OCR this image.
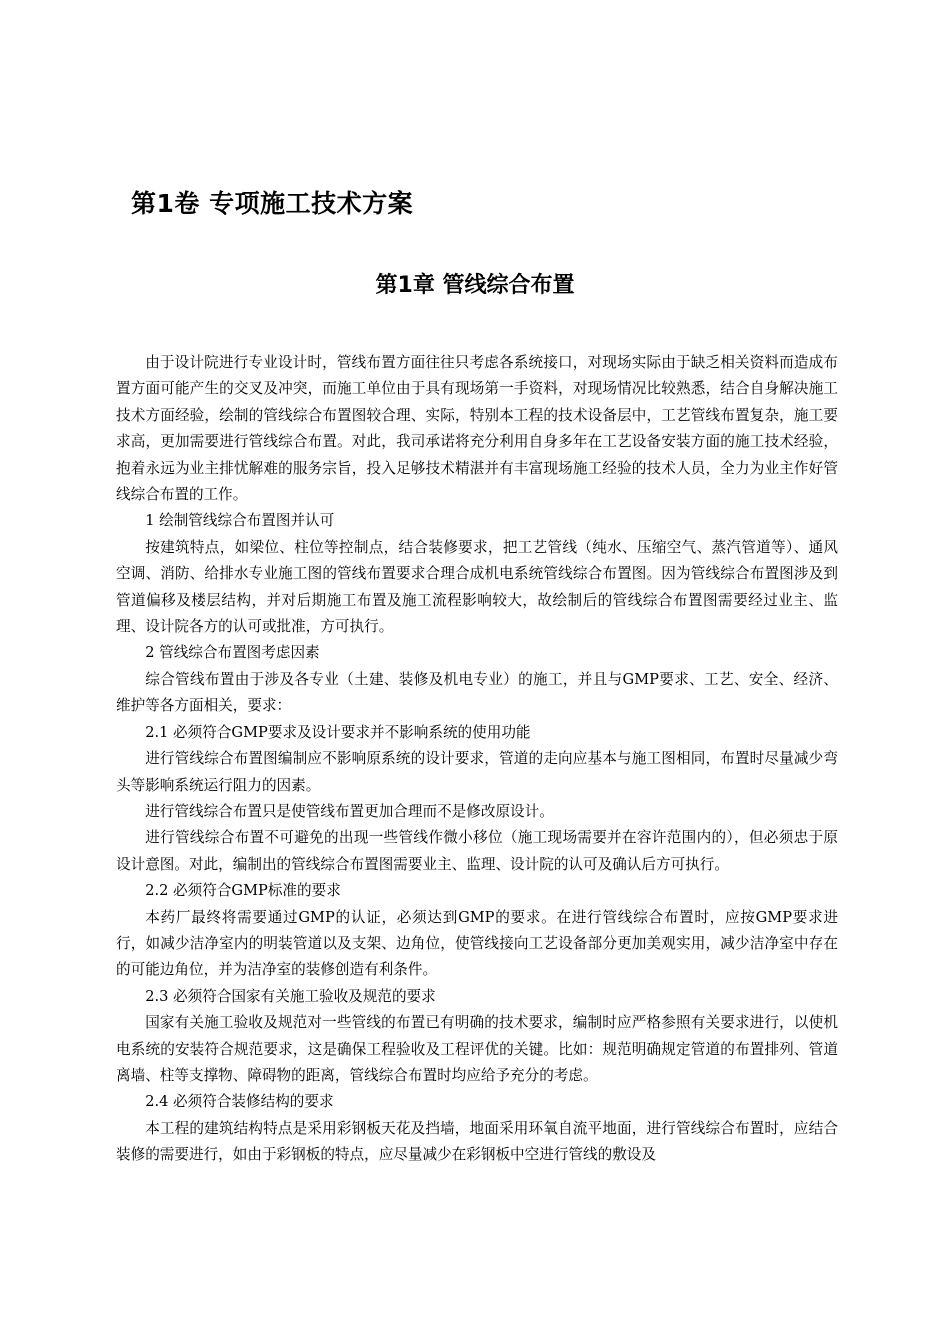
第1卷 专项施工技术方案
第1章 管线综合布置

由于设计院进行专业设计时，管线布置方面往往只考虑各系统接口，对现场实际由于缺乏相关资料而造成布置方面可能产生的交叉及冲突，而施工单位由于具有现场第一手资料，对现场情况比较熟悉，结合自身解决施工技术方面经验，绘制的管线综合布置图较合理、实际，特别本工程的技术设备层中，工艺管线布置复杂，施工要求高，更加需要进行管线综合布置。对此，我司承诺将充分利用自身多年在工艺设备安装方面的施工技术经验，抱着永远为业主排忧解难的服务宗旨，投入足够技术精湛并有丰富现场施工经验的技术人员，全力为业主作好管线综合布置的工作。

1 绘制管线综合布置图并认可

按建筑特点，如梁位、柱位等控制点，结合装修要求，把工艺管线（纯水、压缩空气、蒸汽管道等）、通风空调、消防、给排水专业施工图的管线布置要求合理合成机电系统管线综合布置图。因为管线综合布置图涉及到管道偏移及楼层结构，并对后期施工布置及施工流程影响较大，故绘制后的管线综合布置图需要经过业主、监理、设计院各方的认可或批准，方可执行。

2 管线综合布置图考虑因素

综合管线布置由于涉及各专业（土建、装修及机电专业）的施工，并且与GMP要求、工艺、安全、经济、维护等各方面相关，要求：

2.1 必须符合GMP要求及设计要求并不影响系统的使用功能

进行管线综合布置图编制应不影响原系统的设计要求，管道的走向应基本与施工图相同，布置时尽量减少弯头等影响系统运行阻力的因素。

进行管线综合布置只是使管线布置更加合理而不是修改原设计。

进行管线综合布置不可避免的出现一些管线作微小移位（施工现场需要并在容许范围内的），但必须忠于原设计意图。对此，编制出的管线综合布置图需要业主、监理、设计院的认可及确认后方可执行。

2.2 必须符合GMP标准的要求

本药厂最终将需要通过GMP的认证，必须达到GMP的要求。在进行管线综合布置时，应按GMP要求进行，如减少洁净室内的明装管道以及支架、边角位，使管线接向工艺设备部分更加美观实用，减少洁净室中存在的可能边角位，并为洁净室的装修创造有利条件。

2.3 必须符合国家有关施工验收及规范的要求

国家有关施工验收及规范对一些管线的布置已有明确的技术要求，编制时应严格参照有关要求进行，以使机电系统的安装符合规范要求，这是确保工程验收及工程评优的关键。比如：规范明确规定管道的布置排列、管道离墙、柱等支撑物、障碍物的距离，管线综合布置时均应给予充分的考虑。

2.4 必须符合装修结构的要求

本工程的建筑结构特点是采用彩钢板天花及挡墙，地面采用环氧自流平地面，进行管线综合布置时，应结合装修的需要进行，如由于彩钢板的特点，应尽量减少在彩钢板中空进行管线的敷设及
